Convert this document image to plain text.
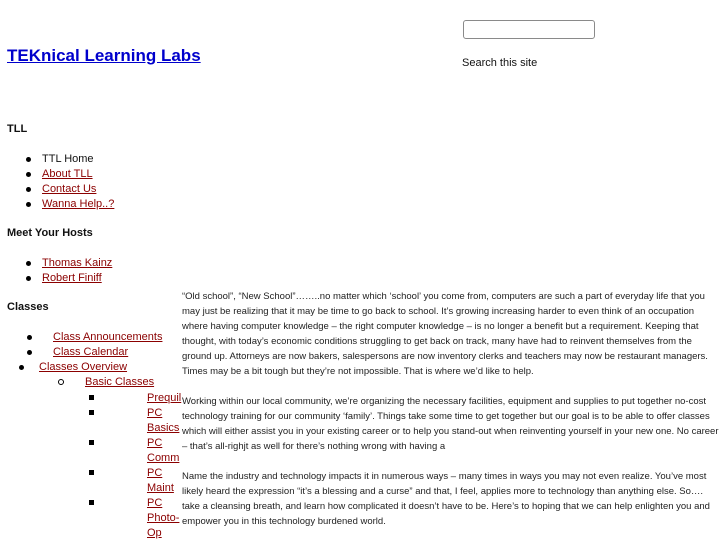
TEKnical Learning Labs	Search this site
TLL
TTL Home
About TLL
Contact Us
Wanna Help..?
Meet Your Hosts
Thomas Kainz
Robert Finiff
Classes
Class Announcements
Class Calendar
Classes Overview
Basic Classes
Prequil
PC Basics
PC Comm
PC Maint
PC Photo-Op

“Old school”, “New School”……..no matter which ‘school’ you come from, computers are such a part of everyday life that you may just be realizing that it may be time to go back to school. It’s growing increasing harder to even think of an occupation where having computer knowledge – the right computer knowledge – is no longer a benefit but a requirement. Keeping that thought, with today’s economic conditions struggling to get back on track, many have had to reinvent themselves from the ground up. Attorneys are now bakers, salespersons are now inventory clerks and teachers may now be restaurant managers. Times may be a bit tough but they’re not impossible. That is where we’d like to help.

Working within our local community, we’re organizing the necessary facilities, equipment and supplies to put together no-cost technology training for our community ‘family’. Things take some time to get together but our goal is to be able to offer classes which will either assist you in your existing career or to help you stand-out when reinventing yourself in your new one. No career – that’s all-righjt as well for there’s nothing wrong with having a

Name the industry and technology impacts it in numerous ways – many times in ways you may not even realize. You’ve most likely heard the expression “it’s a blessing and a curse” and that, I feel, applies more to technology than anything else. So…. take a cleansing breath, and learn how complicated it doesn’t have to be. Here’s to hoping that we can help enlighten you and empower you in this technology burdened world.
